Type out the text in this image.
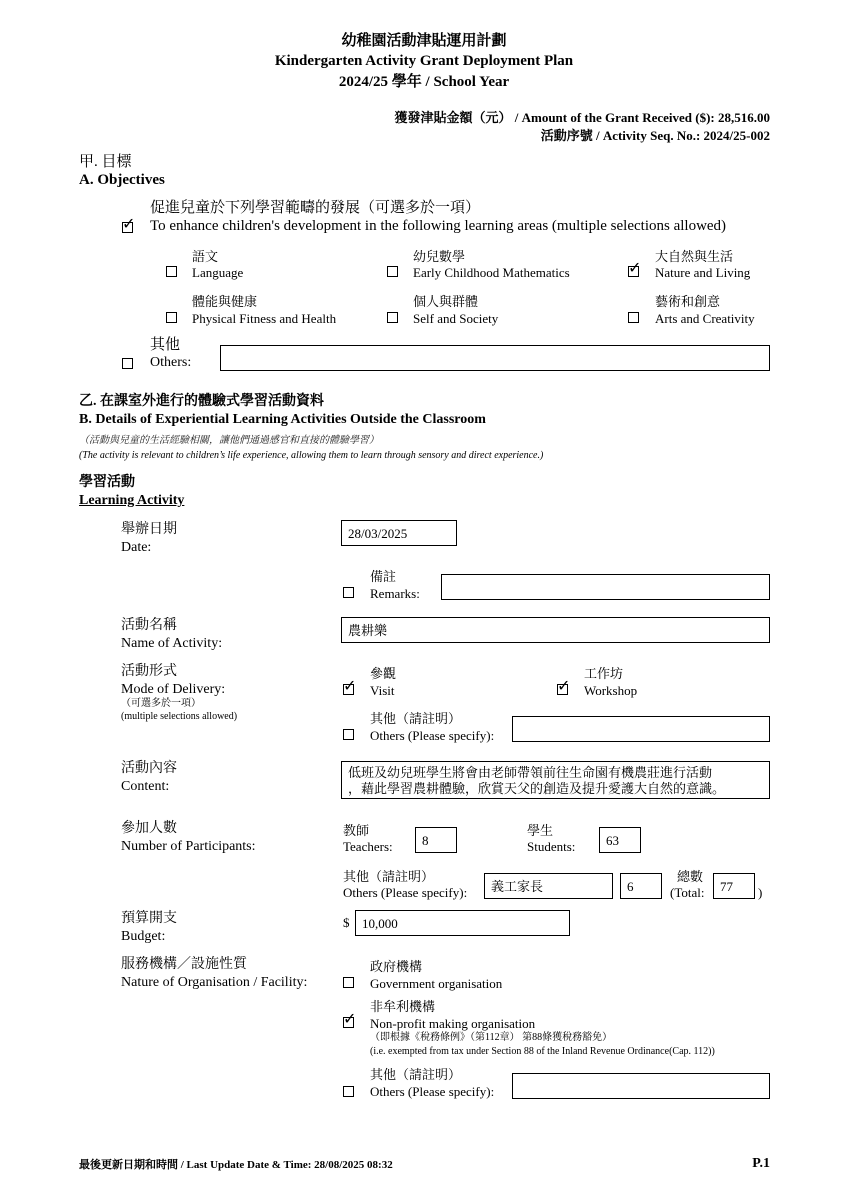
幼稚園活動津貼運用計劃
Kindergarten Activity Grant Deployment Plan
2024/25 學年 / School Year
獲發津貼金額（元） / Amount of the Grant Received ($): 28,516.00
活動序號 / Activity Seq. No.: 2024/25-002
甲. 目標
A. Objectives
促進兒童於下列學習範疇的發展（可選多於一項）
✓ To enhance children's development in the following learning areas (multiple selections allowed)
語文
Language
幼兒數學
Early Childhood Mathematics
大自然與生活
✓ Nature and Living
體能與健康
Physical Fitness and Health
個人與群體
Self and Society
藝術和創意
Arts and Creativity
其他
Others:
乙. 在課室外進行的體驗式學習活動資料
B. Details of Experiential Learning Activities Outside the Classroom
（活動與兒童的生活經驗相關，讓他們通過感官和直接的體驗學習）
(The activity is relevant to children’s life experience, allowing them to learn through sensory and direct experience.)
學習活動
Learning Activity
舉辦日期
Date:
28/03/2025
備註
Remarks:
活動名稱
Name of Activity:
農耕樂
活動形式
Mode of Delivery:
（可選多於一項）
(multiple selections allowed)
參觀
✓ Visit
工作坊
✓ Workshop
其他（請註明）
Others (Please specify):
活動內容
Content:
低班及幼兒班學生將會由老師帶領前往生命園有機農莊進行活動
，藉此學習農耕體驗，欣賞天父的創造及提升愛護大自然的意識。
參加人數
Number of Participants:
教師
Teachers:	8
學生
Students:	63
其他（請註明）
Others (Please specify):	義工家長	6
總數
(Total:	77	)
預算開支
Budget:
$ 10,000
服務機構／設施性質
Nature of Organisation / Facility:
政府機構
Government organisation
非牟利機構
✓ Non-profit making organisation
（即根據《稅務條例》（第112章） 第88條獲稅務豁免）
(i.e. exempted from tax under Section 88 of the Inland Revenue Ordinance(Cap. 112))
其他（請註明）
Others (Please specify):
最後更新日期和時間 / Last Update Date & Time: 28/08/2025 08:32	P.1
